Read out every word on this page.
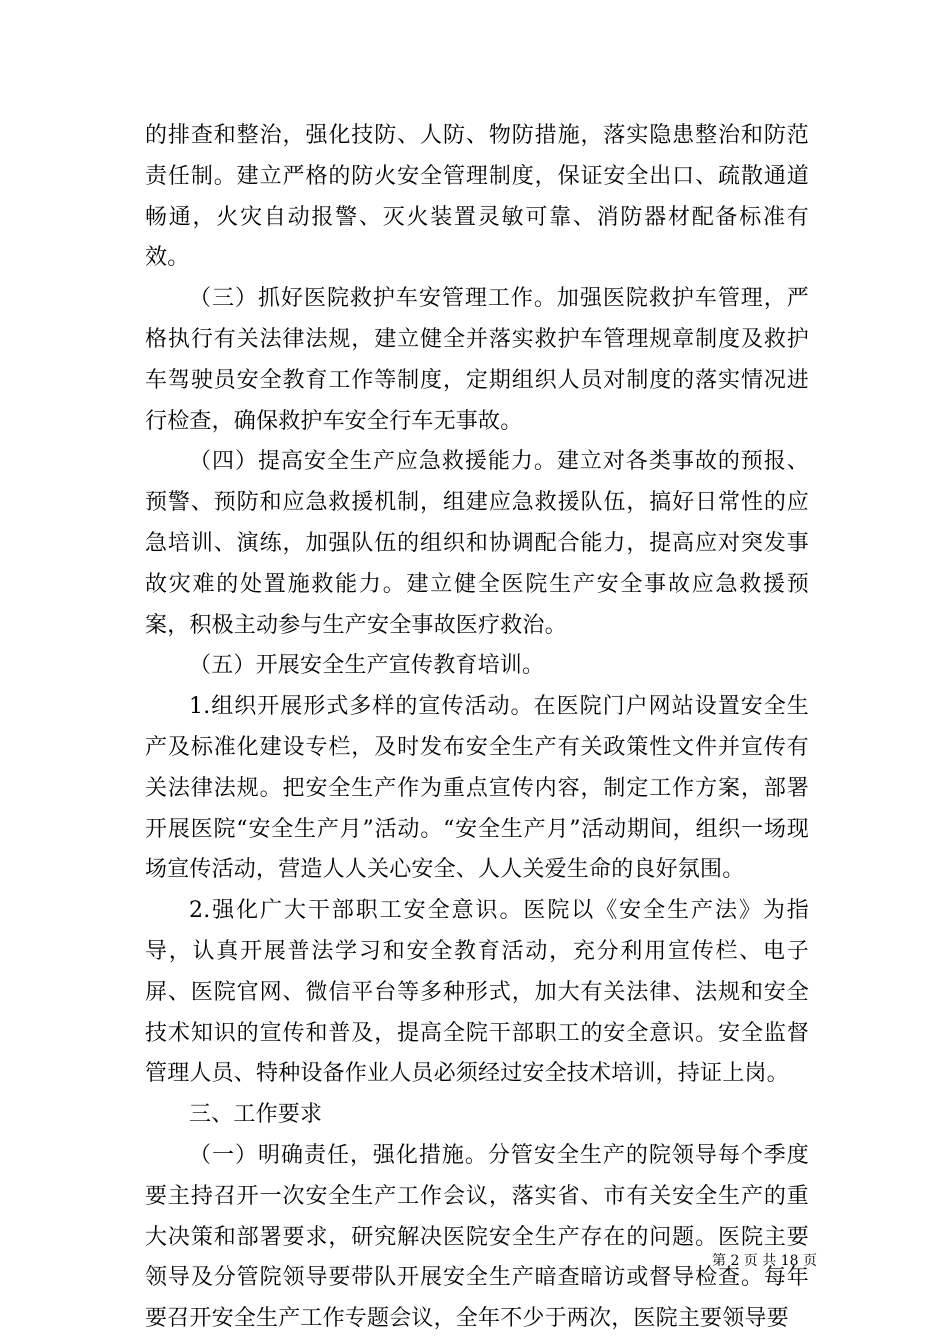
的排查和整治，强化技防、人防、物防措施，落实隐患整治和防范责任制。建立严格的防火安全管理制度，保证安全出口、疏散通道畅通，火灾自动报警、灭火装置灵敏可靠、消防器材配备标准有效。

（三）抓好医院救护车安管理工作。加强医院救护车管理，严格执行有关法律法规，建立健全并落实救护车管理规章制度及救护车驾驶员安全教育工作等制度，定期组织人员对制度的落实情况进行检查，确保救护车安全行车无事故。

（四）提高安全生产应急救援能力。建立对各类事故的预报、预警、预防和应急救援机制，组建应急救援队伍，搞好日常性的应急培训、演练，加强队伍的组织和协调配合能力，提高应对突发事故灾难的处置施救能力。建立健全医院生产安全事故应急救援预案，积极主动参与生产安全事故医疗救治。

（五）开展安全生产宣传教育培训。

1.组织开展形式多样的宣传活动。在医院门户网站设置安全生产及标准化建设专栏，及时发布安全生产有关政策性文件并宣传有关法律法规。把安全生产作为重点宣传内容，制定工作方案，部署开展医院“安全生产月”活动。“安全生产月”活动期间，组织一场现场宣传活动，营造人人关心安全、人人关爱生命的良好氛围。

2.强化广大干部职工安全意识。医院以《安全生产法》为指导，认真开展普法学习和安全教育活动，充分利用宣传栏、电子屏、医院官网、微信平台等多种形式，加大有关法律、法规和安全技术知识的宣传和普及，提高全院干部职工的安全意识。安全监督管理人员、特种设备作业人员必须经过安全技术培训，持证上岗。

三、工作要求

（一）明确责任，强化措施。分管安全生产的院领导每个季度要主持召开一次安全生产工作会议，落实省、市有关安全生产的重大决策和部署要求，研究解决医院安全生产存在的问题。医院主要领导及分管院领导要带队开展安全生产暗查暗访或督导检查。每年要召开安全生产工作专题会议，全年不少于两次，医院主要领导要

第 2 页 共 18 页
